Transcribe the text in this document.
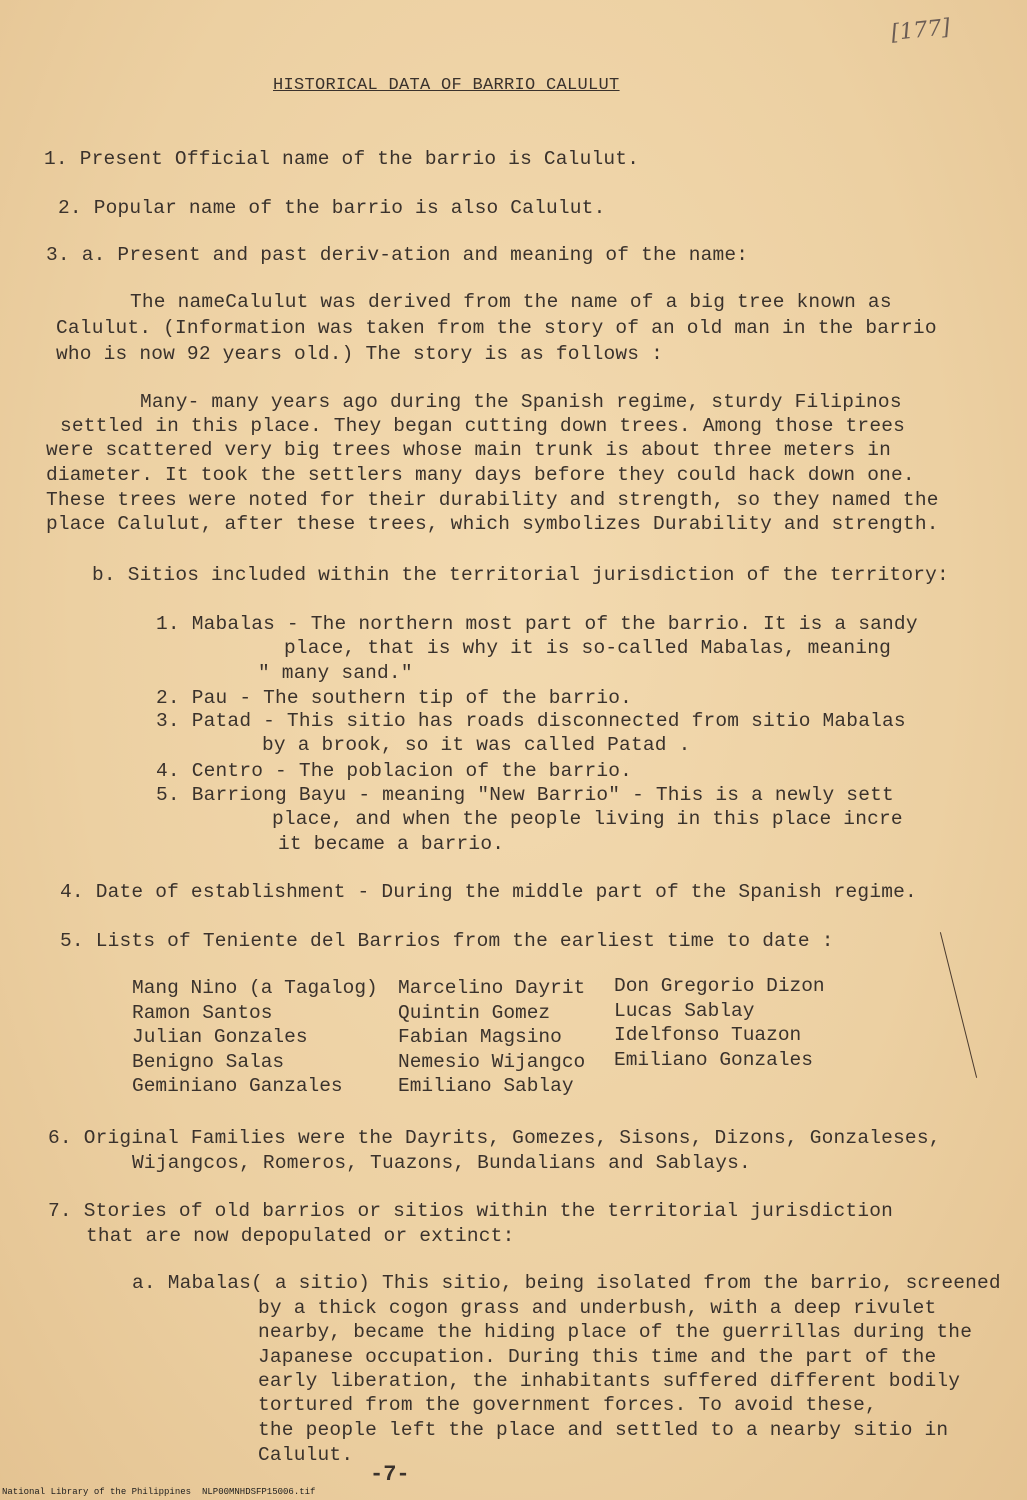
[177]
HISTORICAL DATA OF BARRIO CALULUT
1. Present Official name of the barrio is Calulut.
2. Popular name of the barrio is also Calulut.
3. a. Present and past deriv-ation and meaning of the name:
The nameCalulut was derived from the name of a big tree known as
Calulut. (Information was taken from the story of an old man in the barrio
who is now 92 years old.) The story is as follows :
Many- many years ago during the Spanish regime, sturdy Filipinos
settled in this place. They began cutting down trees. Among those trees
were scattered very big trees whose main trunk is about three meters in
diameter. It took the settlers many days before they could hack down one.
These trees were noted for their durability and strength, so they named the
place Calulut, after these trees, which symbolizes Durability and strength.
b. Sitios included within the territorial jurisdiction of the territory:
1. Mabalas - The northern most part of the barrio. It is a sandy
place, that is why it is so-called Mabalas, meaning
" many sand."
2. Pau - The southern tip of the barrio.
3. Patad - This sitio has roads disconnected from sitio Mabalas
by a brook, so it was called Patad .
4. Centro - The poblacion of the barrio.
5. Barriong Bayu - meaning "New Barrio" - This is a newly sett
place, and when the people living in this place incre
it became a barrio.
4. Date of establishment - During the middle part of the Spanish regime.
5. Lists of Teniente del Barrios from the earliest time to date :
Mang Nino (a Tagalog)
Ramon Santos
Julian Gonzales
Benigno Salas
Geminiano Ganzales
Marcelino Dayrit
Quintin Gomez
Fabian Magsino
Nemesio Wijangco
Emiliano Sablay
Don Gregorio Dizon
Lucas Sablay
Idelfonso Tuazon
Emiliano Gonzales
6. Original Families were the Dayrits, Gomezes, Sisons, Dizons, Gonzaleses,
Wijangcos, Romeros, Tuazons, Bundalians and Sablays.
7. Stories of old barrios or sitios within the territorial jurisdiction
that are now depopulated or extinct:
a. Mabalas( a sitio) This sitio, being isolated from the barrio, screened
by a thick cogon grass and underbush, with a deep rivulet
nearby, became the hiding place of the guerrillas during the
Japanese occupation. During this time and the part of the
early liberation, the inhabitants suffered different bodily
tortured from the government forces. To avoid these,
the people left the place and settled to a nearby sitio in
Calulut.
-7-
National Library of the Philippines NLP00MNHDSFP15006.tif
